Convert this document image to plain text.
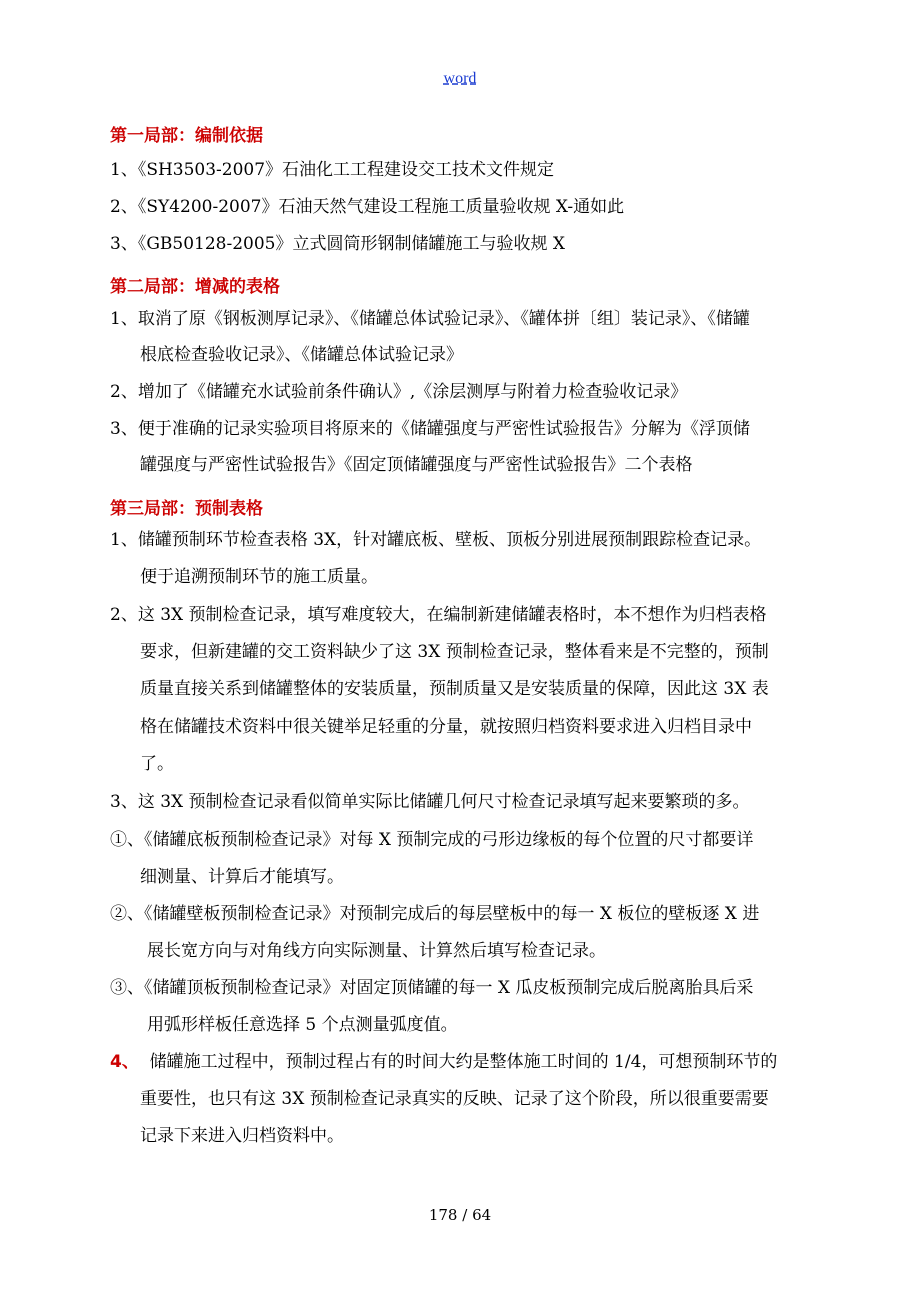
word
第一局部：编制依据
1、《SH3503-2007》石油化工工程建设交工技术文件规定
2、《SY4200-2007》石油天然气建设工程施工质量验收规 X-通如此
3、《GB50128-2005》立式圆筒形钢制储罐施工与验收规 X
第二局部：增减的表格
1、取消了原《钢板测厚记录》、《储罐总体试验记录》、《罐体拼〔组〕装记录》、《储罐
根底检查验收记录》、《储罐总体试验记录》
2、增加了《储罐充水试验前条件确认》,《涂层测厚与附着力检查验收记录》
3、便于准确的记录实验项目将原来的《储罐强度与严密性试验报告》分解为《浮顶储
罐强度与严密性试验报告》《固定顶储罐强度与严密性试验报告》二个表格
第三局部：预制表格
1、储罐预制环节检查表格 3X，针对罐底板、壁板、顶板分别进展预制跟踪检查记录。
便于追溯预制环节的施工质量。
2、这 3X 预制检查记录，填写难度较大，在编制新建储罐表格时，本不想作为归档表格
要求，但新建罐的交工资料缺少了这 3X 预制检查记录，整体看来是不完整的，预制
质量直接关系到储罐整体的安装质量，预制质量又是安装质量的保障，因此这 3X 表
格在储罐技术资料中很关键举足轻重的分量，就按照归档资料要求进入归档目录中
了。
3、这 3X 预制检查记录看似简单实际比储罐几何尺寸检查记录填写起来要繁琐的多。
①、《储罐底板预制检查记录》对每 X 预制完成的弓形边缘板的每个位置的尺寸都要详
细测量、计算后才能填写。
②、《储罐壁板预制检查记录》对预制完成后的每层壁板中的每一 X 板位的壁板逐 X 进
展长宽方向与对角线方向实际测量、计算然后填写检查记录。
③、《储罐顶板预制检查记录》对固定顶储罐的每一 X 瓜皮板预制完成后脱离胎具后采
用弧形样板任意选择 5 个点测量弧度值。
4、 储罐施工过程中，预制过程占有的时间大约是整体施工时间的 1/4，可想预制环节的
重要性，也只有这 3X 预制检查记录真实的反映、记录了这个阶段，所以很重要需要
记录下来进入归档资料中。
178 / 64
